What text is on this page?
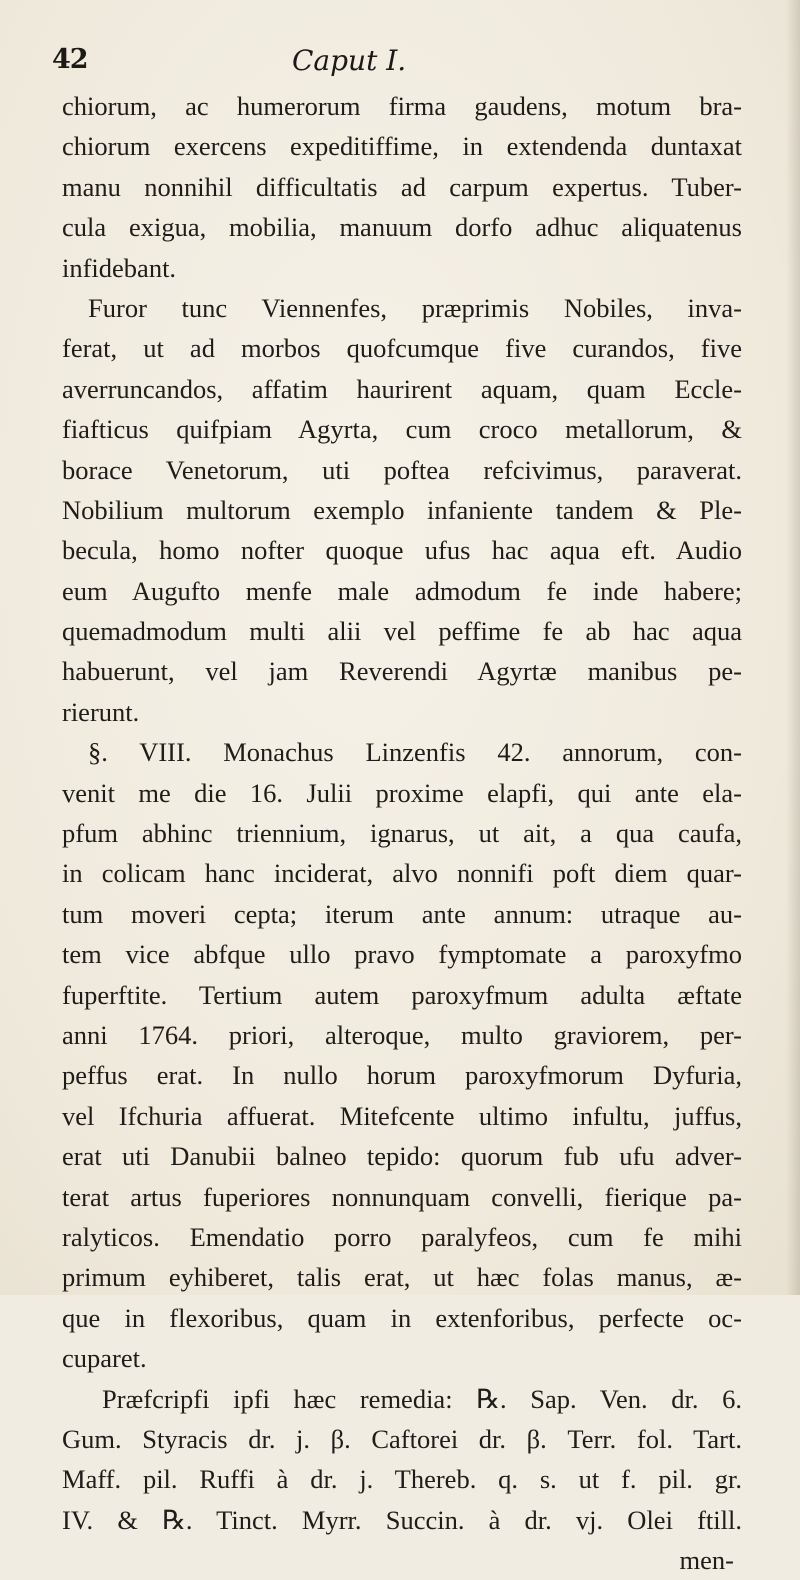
42	Caput I.
chiorum, ac humerorum firma gaudens, motum bra-
chiorum exercens expeditiffime, in extendenda duntaxat
manu nonnihil difficultatis ad carpum expertus. Tuber-
cula exigua, mobilia, manuum dorfo adhuc aliquatenus
infidebant.
Furor tunc Viennenfes, præprimis Nobiles, inva-
ferat, ut ad morbos quofcumque five curandos, five
averruncandos, affatim haurirent aquam, quam Eccle-
fiafticus quifpiam Agyrta, cum croco metallorum, &
borace Venetorum, uti poftea refcivimus, paraverat.
Nobilium multorum exemplo infaniente tandem & Ple-
becula, homo nofter quoque ufus hac aqua eft. Audio
eum Augufto menfe male admodum fe inde habere;
quemadmodum multi alii vel peffime fe ab hac aqua
habuerunt, vel jam Reverendi Agyrtæ manibus pe-
rierunt.
§. VIII. Monachus Linzenfis 42. annorum, con-
venit me die 16. Julii proxime elapfi, qui ante ela-
pfum abhinc triennium, ignarus, ut ait, a qua caufa,
in colicam hanc inciderat, alvo nonnifi poft diem quar-
tum moveri cepta; iterum ante annum: utraque au-
tem vice abfque ullo pravo fymptomate a paroxyfmo
fuperftite. Tertium autem paroxyfmum adulta æftate
anni 1764. priori, alteroque, multo graviorem, per-
peffus erat. In nullo horum paroxyfmorum Dyfuria,
vel Ifchuria affuerat. Mitefcente ultimo infultu, juffus,
erat uti Danubii balneo tepido: quorum fub ufu adver-
terat artus fuperiores nonnunquam convelli, fierique pa-
ralyticos. Emendatio porro paralyfeos, cum fe mihi
primum eyhiberet, talis erat, ut hæc folas manus, æ-
que in flexoribus, quam in extenforibus, perfecte oc-
cuparet.
Præfcripfi ipfi hæc remedia: ℞. Sap. Ven. dr. 6.
Gum. Styracis dr. j. β. Caftorei dr. β. Terr. fol. Tart.
Maff. pil. Ruffi à dr. j. Thereb. q. s. ut f. pil. gr.
IV. & ℞. Tinct. Myrr. Succin. à dr. vj. Olei ftill.
men-
